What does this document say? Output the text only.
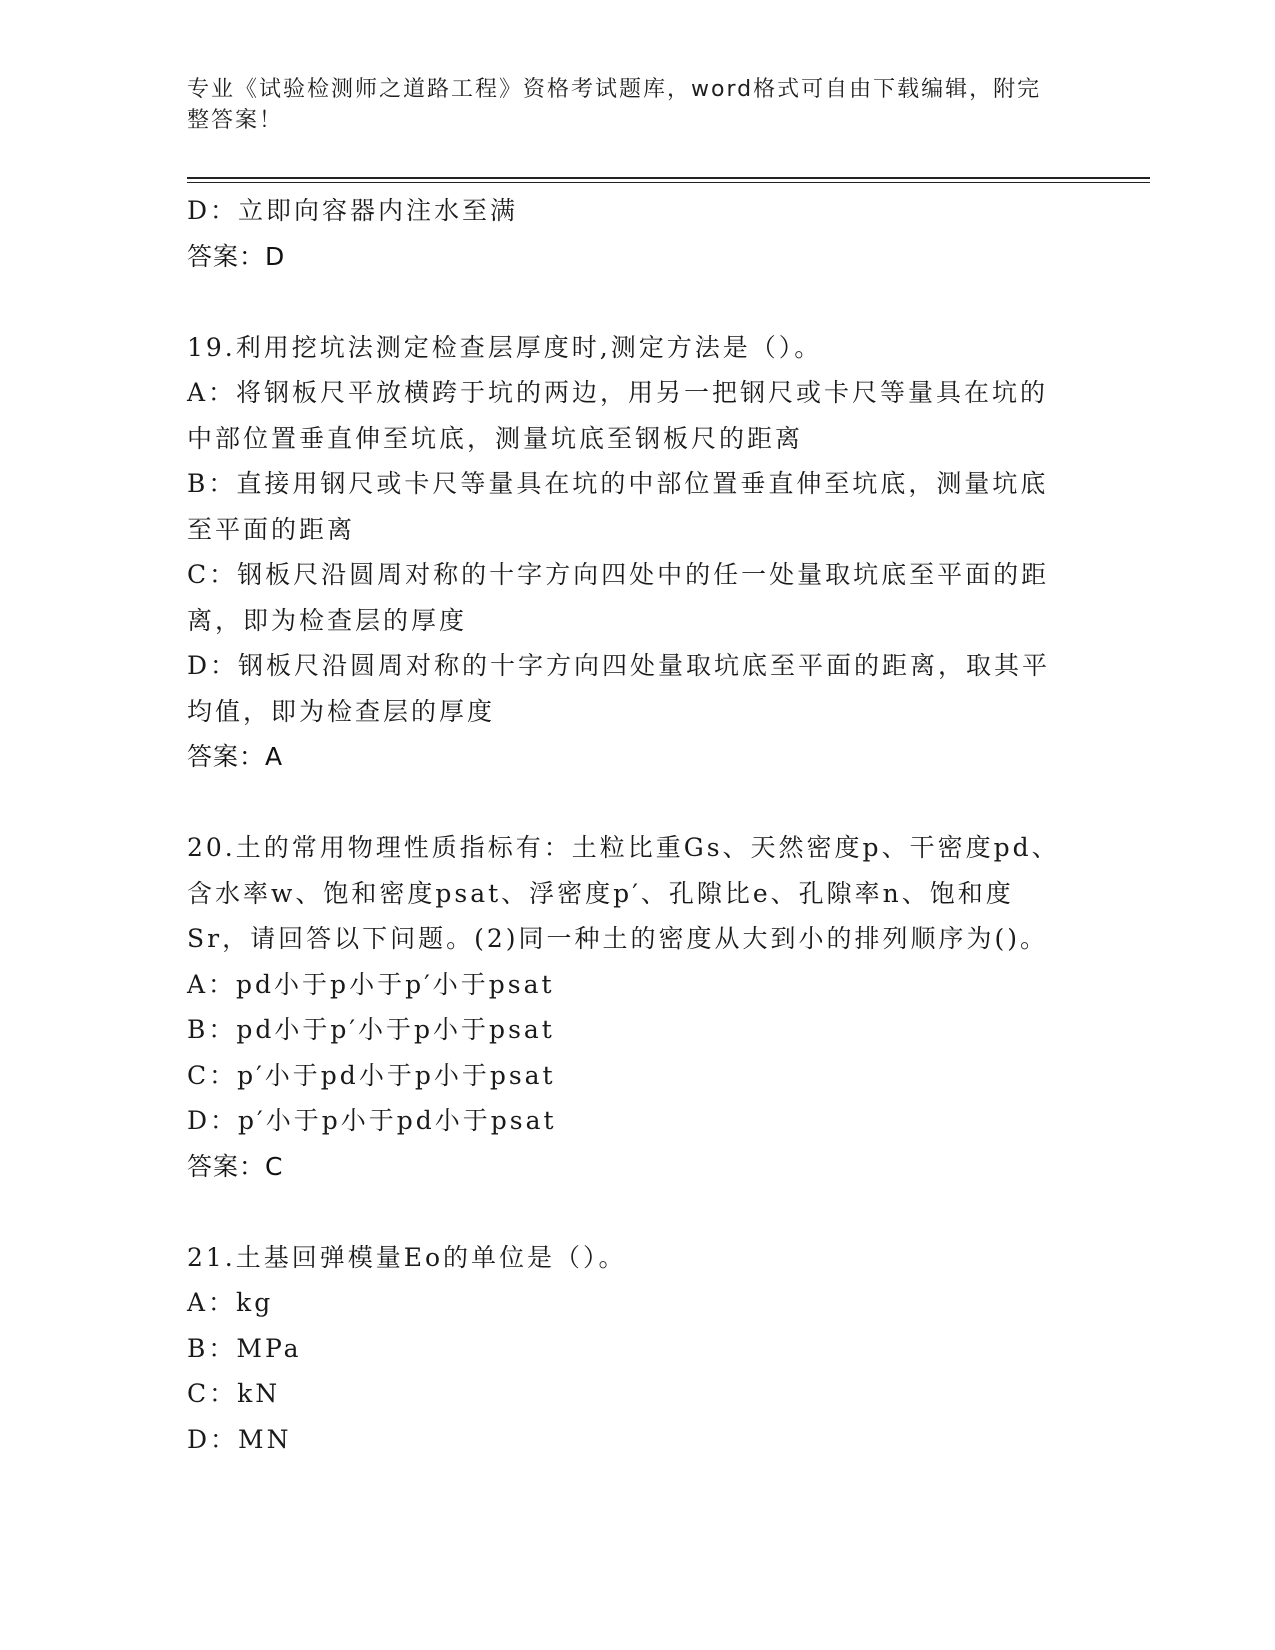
专业《试验检测师之道路工程》资格考试题库，word格式可自由下载编辑，附完
整答案！
D：立即向容器内注水至满
答案：D
19.利用挖坑法测定检查层厚度时,测定方法是（）。
A：将钢板尺平放横跨于坑的两边，用另一把钢尺或卡尺等量具在坑的
中部位置垂直伸至坑底，测量坑底至钢板尺的距离
B：直接用钢尺或卡尺等量具在坑的中部位置垂直伸至坑底，测量坑底
至平面的距离
C：钢板尺沿圆周对称的十字方向四处中的任一处量取坑底至平面的距
离，即为检查层的厚度
D：钢板尺沿圆周对称的十字方向四处量取坑底至平面的距离，取其平
均值，即为检查层的厚度
答案：A
20.土的常用物理性质指标有：土粒比重Gs、天然密度p、干密度pd、
含水率w、饱和密度psat、浮密度p′、孔隙比e、孔隙率n、饱和度
Sr，请回答以下问题。(2)同一种土的密度从大到小的排列顺序为()。
A：pd小于p小于p′小于psat
B：pd小于p′小于p小于psat
C：p′小于pd小于p小于psat
D：p′小于p小于pd小于psat
答案：C
21.土基回弹模量Eo的单位是（）。
A：kg
B：MPa
C：kN
D：MN
